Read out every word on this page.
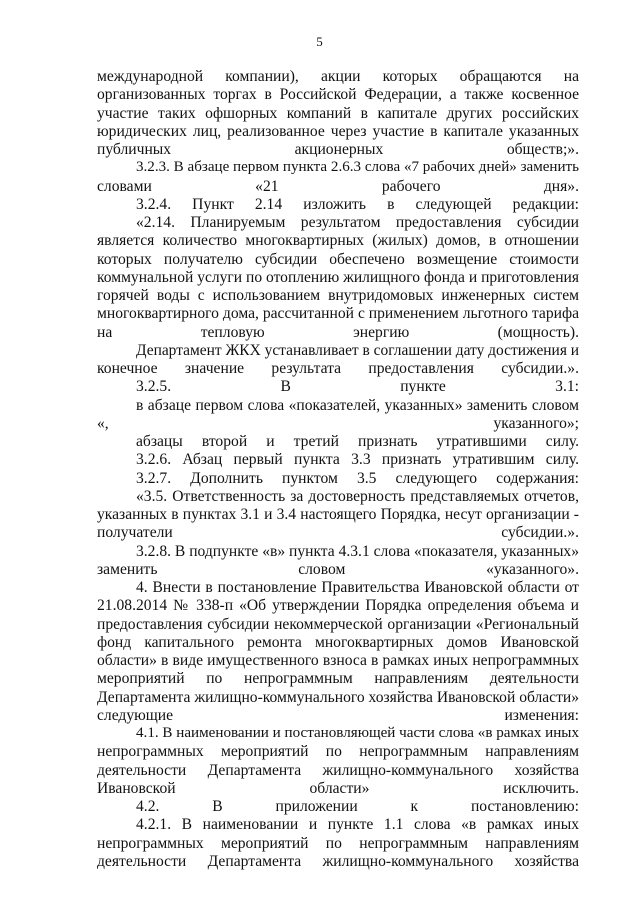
5
международной компании), акции которых обращаются на
организованных торгах в Российской Федерации, а также косвенное
участие таких офшорных компаний в капитале других российских
юридических лиц, реализованное через участие в капитале указанных
публичных акционерных обществ;».
3.2.3. В абзаце первом пункта 2.6.3 слова «7 рабочих дней» заменить
словами «21 рабочего дня».
3.2.4. Пункт 2.14 изложить в следующей редакции:
«2.14. Планируемым результатом предоставления субсидии
является количество многоквартирных (жилых) домов, в отношении
которых получателю субсидии обеспечено возмещение стоимости
коммунальной услуги по отоплению жилищного фонда и приготовления
горячей воды с использованием внутридомовых инженерных систем
многоквартирного дома, рассчитанной с применением льготного тарифа
на тепловую энергию (мощность).
Департамент ЖКХ устанавливает в соглашении дату достижения и
конечное значение результата предоставления субсидии.».
3.2.5. В пункте 3.1:
в абзаце первом слова «показателей, указанных» заменить словом
«, указанного»;
абзацы второй и третий признать утратившими силу.
3.2.6. Абзац первый пункта 3.3 признать утратившим силу.
3.2.7. Дополнить пунктом 3.5 следующего содержания:
«3.5. Ответственность за достоверность представляемых отчетов,
указанных в пунктах 3.1 и 3.4 настоящего Порядка, несут организации -
получатели субсидии.».
3.2.8. В подпункте «в» пункта 4.3.1 слова «показателя, указанных»
заменить словом «указанного».
4. Внести в постановление Правительства Ивановской области от
21.08.2014 № 338-п «Об утверждении Порядка определения объема и
предоставления субсидии некоммерческой организации «Региональный
фонд капитального ремонта многоквартирных домов Ивановской
области» в виде имущественного взноса в рамках иных непрограммных
мероприятий по непрограммным направлениям деятельности
Департамента жилищно-коммунального хозяйства Ивановской области»
следующие изменения:
4.1. В наименовании и постановляющей части слова «в рамках иных
непрограммных мероприятий по непрограммным направлениям
деятельности Департамента жилищно-коммунального хозяйства
Ивановской области» исключить.
4.2. В приложении к постановлению:
4.2.1. В наименовании и пункте 1.1 слова «в рамках иных
непрограммных мероприятий по непрограммным направлениям
деятельности Департамента жилищно-коммунального хозяйства
